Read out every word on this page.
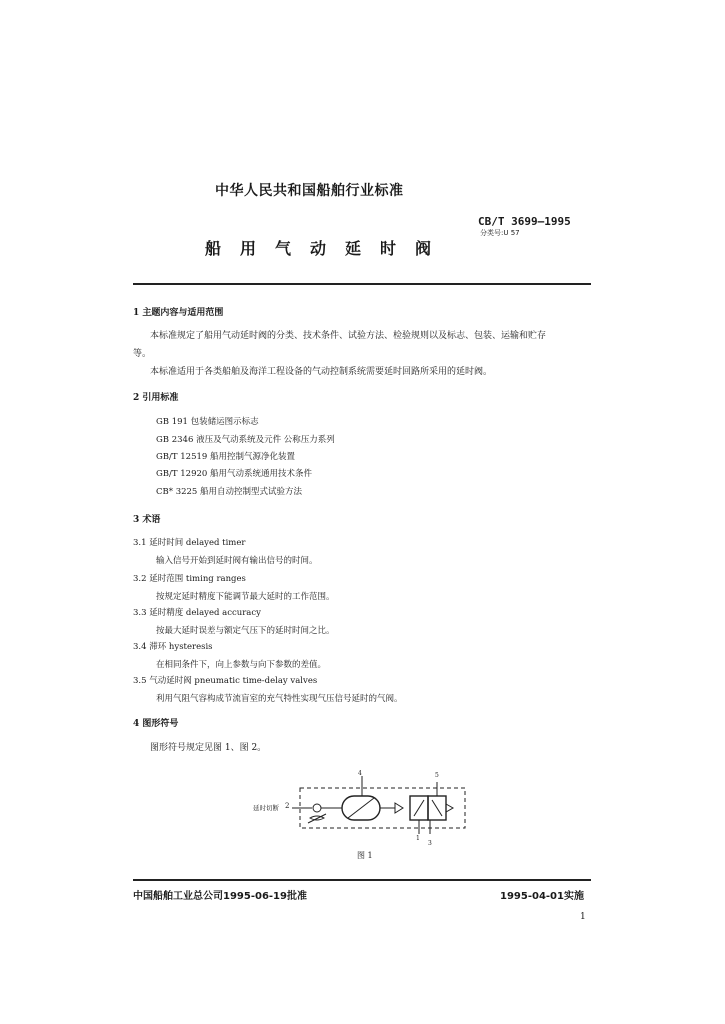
中华人民共和国船舶行业标准
CB/T 3699—1995
分类号:U 57
船用气动延时阀
1 主题内容与适用范围
本标准规定了船用气动延时阀的分类、技术条件、试验方法、检验规则以及标志、包装、运输和贮存
等。
本标准适用于各类船舶及海洋工程设备的气动控制系统需要延时回路所采用的延时阀。
2 引用标准
GB 191 包装储运图示标志
GB 2346 液压及气动系统及元件 公称压力系列
GB/T 12519 船用控制气源净化装置
GB/T 12920 船用气动系统通用技术条件
CB* 3225 船用自动控制型式试验方法
3 术语
3.1 延时时间 delayed timer
输入信号开始到延时阀有输出信号的时间。
3.2 延时范围 timing ranges
按规定延时精度下能调节最大延时的工作范围。
3.3 延时精度 delayed accuracy
按最大延时误差与额定气压下的延时时间之比。
3.4 滞环 hysteresis
在相同条件下，向上参数与向下参数的差值。
3.5 气动延时阀 pneumatic time-delay valves
利用气阻气容构成节流盲室的充气特性实现气压信号延时的气阀。
4 图形符号
图形符号规定见图 1、图 2。
延时切断 2
4	5
1
3
图 1
中国船舶工业总公司1995-06-19批准	1995-04-01实施
1
